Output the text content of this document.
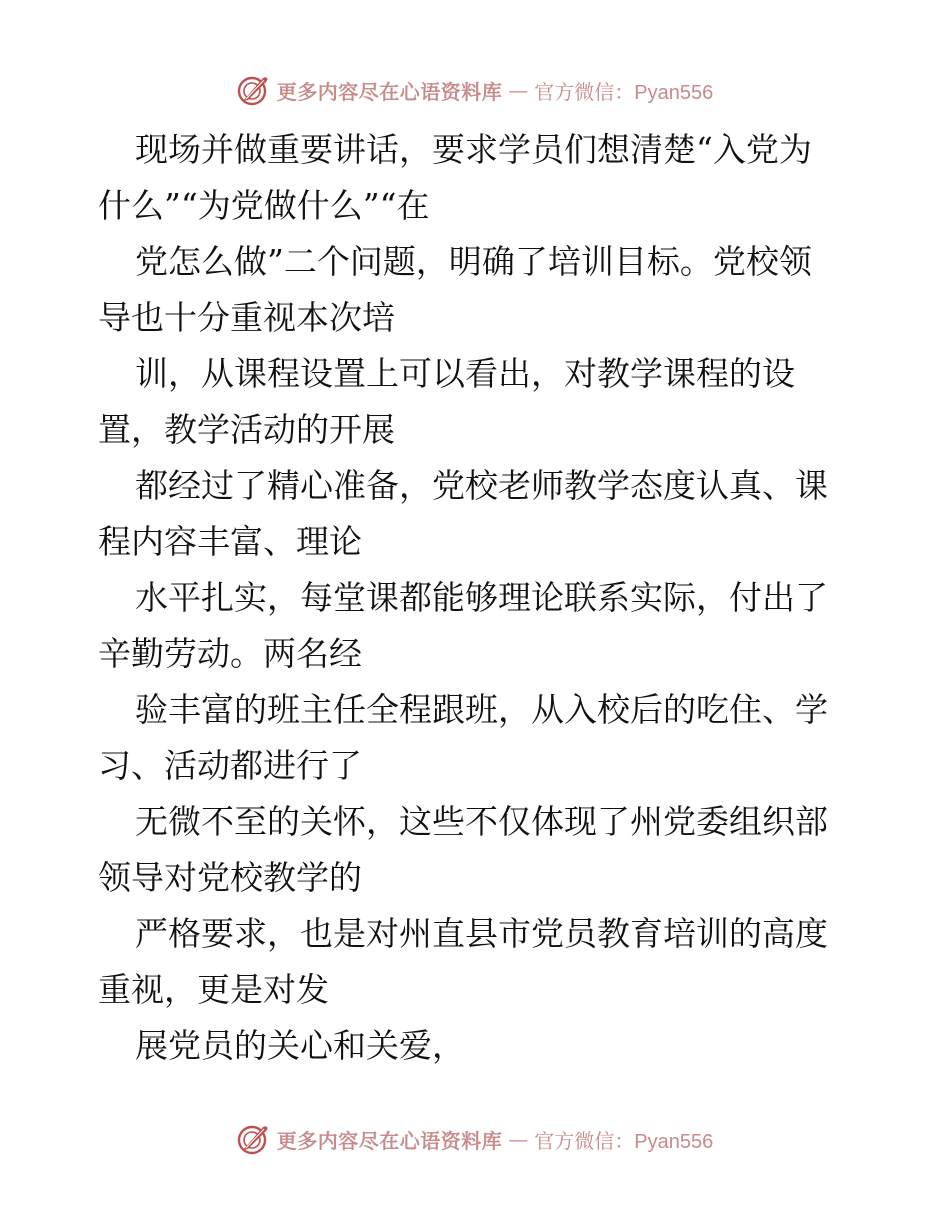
更多内容尽在心语资料库 — 官方微信：Pyan556
现场并做重要讲话，要求学员们想清楚“入党为
什么”“为党做什么”“在
党怎么做”二个问题，明确了培训目标。党校领
导也十分重视本次培
训，从课程设置上可以看出，对教学课程的设
置，教学活动的开展
都经过了精心准备，党校老师教学态度认真、课
程内容丰富、理论
水平扎实，每堂课都能够理论联系实际，付出了
辛勤劳动。两名经
验丰富的班主任全程跟班，从入校后的吃住、学
习、活动都进行了
无微不至的关怀，这些不仅体现了州党委组织部
领导对党校教学的
严格要求，也是对州直县市党员教育培训的高度
重视，更是对发
展党员的关心和关爱，
更多内容尽在心语资料库 — 官方微信：Pyan556
